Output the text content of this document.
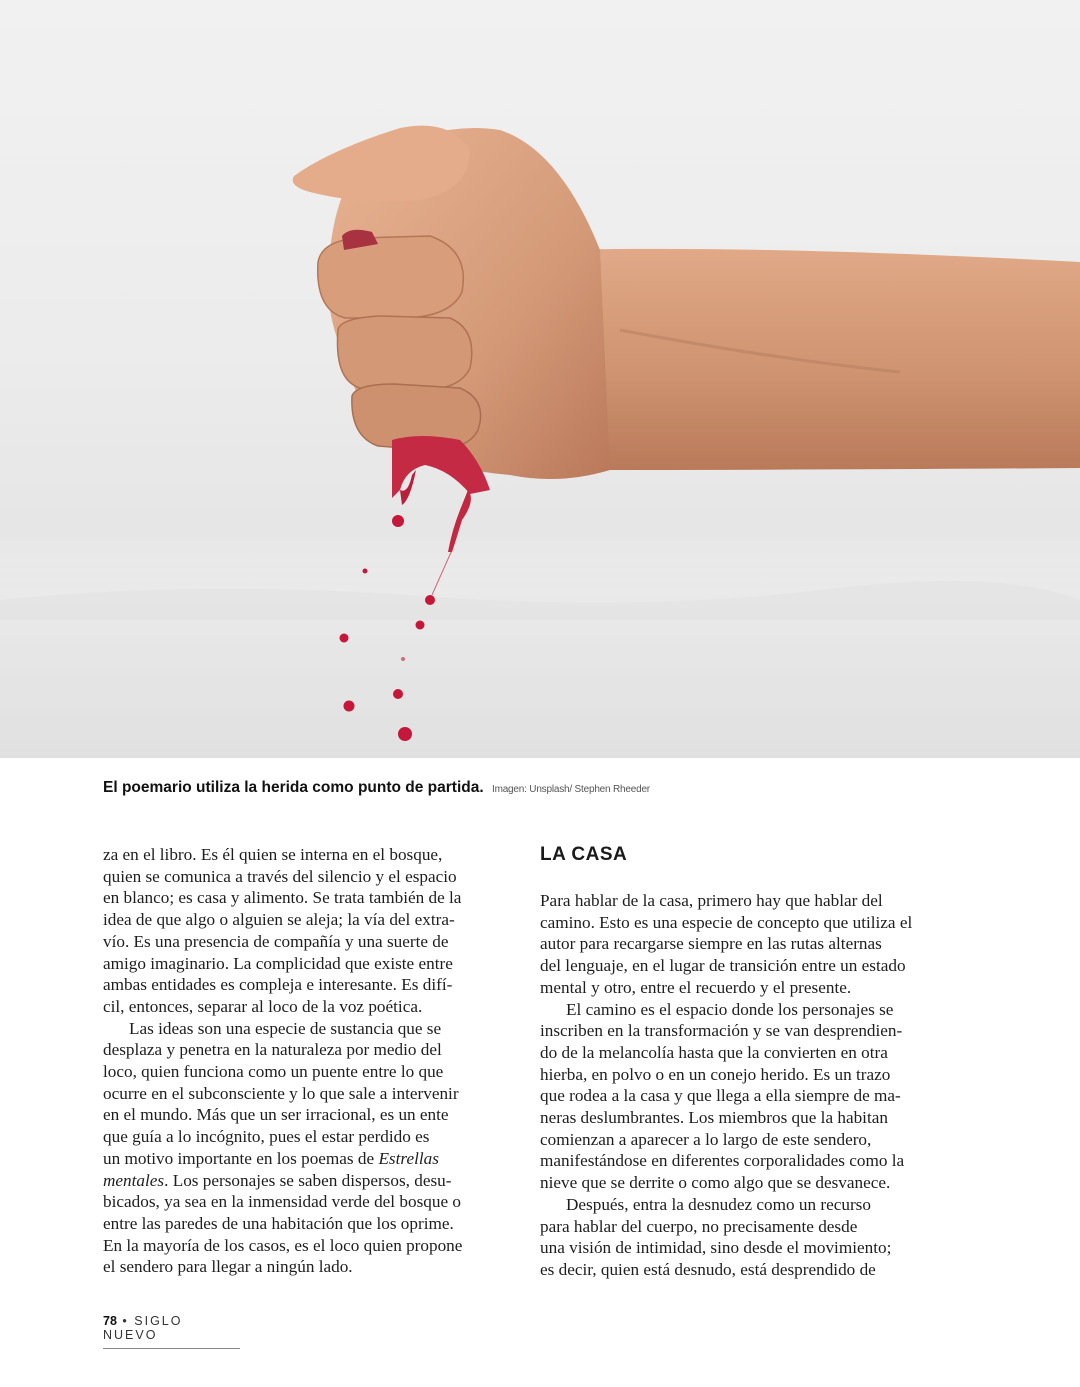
El poemario utiliza la herida como punto de partida. Imagen: Unsplash/ Stephen Rheeder

za en el libro. Es él quien se interna en el bosque,
quien se comunica a través del silencio y el espacio
en blanco; es casa y alimento. Se trata también de la
idea de que algo o alguien se aleja; la vía del extra-
vío. Es una presencia de compañía y una suerte de
amigo imaginario. La complicidad que existe entre
ambas entidades es compleja e interesante. Es difí-
cil, entonces, separar al loco de la voz poética.

Las ideas son una especie de sustancia que se
desplaza y penetra en la naturaleza por medio del
loco, quien funciona como un puente entre lo que
ocurre en el subconsciente y lo que sale a intervenir
en el mundo. Más que un ser irracional, es un ente
que guía a lo incógnito, pues el estar perdido es
un motivo importante en los poemas de Estrellas
mentales. Los personajes se saben dispersos, desu-
bicados, ya sea en la inmensidad verde del bosque o
entre las paredes de una habitación que los oprime.
En la mayoría de los casos, es el loco quien propone
el sendero para llegar a ningún lado.

LA CASA

Para hablar de la casa, primero hay que hablar del
camino. Esto es una especie de concepto que utiliza el
autor para recargarse siempre en las rutas alternas
del lenguaje, en el lugar de transición entre un estado
mental y otro, entre el recuerdo y el presente.

El camino es el espacio donde los personajes se
inscriben en la transformación y se van desprendien-
do de la melancolía hasta que la convierten en otra
hierba, en polvo o en un conejo herido. Es un trazo
que rodea a la casa y que llega a ella siempre de ma-
neras deslumbrantes. Los miembros que la habitan
comienzan a aparecer a lo largo de este sendero,
manifestándose en diferentes corporalidades como la
nieve que se derrite o como algo que se desvanece.

Después, entra la desnudez como un recurso
para hablar del cuerpo, no precisamente desde
una visión de intimidad, sino desde el movimiento;
es decir, quien está desnudo, está desprendido de

78 • SIGLO NUEVO
